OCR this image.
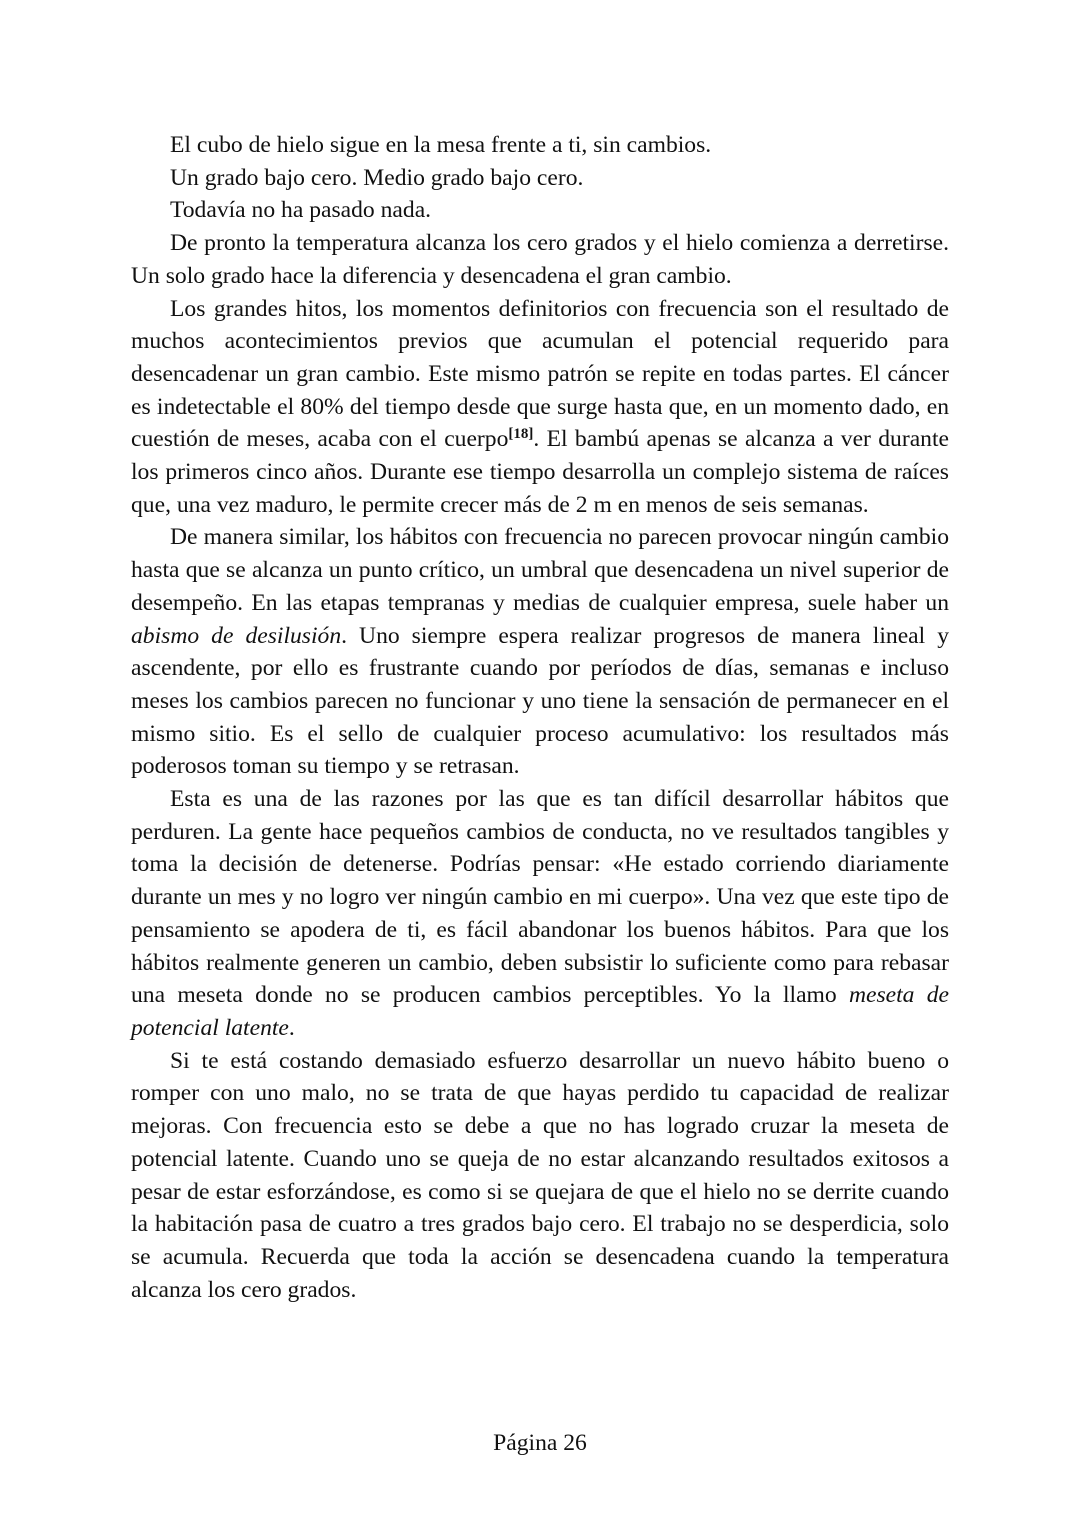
El cubo de hielo sigue en la mesa frente a ti, sin cambios.

Un grado bajo cero. Medio grado bajo cero.

Todavía no ha pasado nada.

De pronto la temperatura alcanza los cero grados y el hielo comienza a derretirse. Un solo grado hace la diferencia y desencadena el gran cambio.

Los grandes hitos, los momentos definitorios con frecuencia son el resultado de muchos acontecimientos previos que acumulan el potencial requerido para desencadenar un gran cambio. Este mismo patrón se repite en todas partes. El cáncer es indetectable el 80% del tiempo desde que surge hasta que, en un momento dado, en cuestión de meses, acaba con el cuerpo[18]. El bambú apenas se alcanza a ver durante los primeros cinco años. Durante ese tiempo desarrolla un complejo sistema de raíces que, una vez maduro, le permite crecer más de 2 m en menos de seis semanas.

De manera similar, los hábitos con frecuencia no parecen provocar ningún cambio hasta que se alcanza un punto crítico, un umbral que desencadena un nivel superior de desempeño. En las etapas tempranas y medias de cualquier empresa, suele haber un abismo de desilusión. Uno siempre espera realizar progresos de manera lineal y ascendente, por ello es frustrante cuando por períodos de días, semanas e incluso meses los cambios parecen no funcionar y uno tiene la sensación de permanecer en el mismo sitio. Es el sello de cualquier proceso acumulativo: los resultados más poderosos toman su tiempo y se retrasan.

Esta es una de las razones por las que es tan difícil desarrollar hábitos que perduren. La gente hace pequeños cambios de conducta, no ve resultados tangibles y toma la decisión de detenerse. Podrías pensar: «He estado corriendo diariamente durante un mes y no logro ver ningún cambio en mi cuerpo». Una vez que este tipo de pensamiento se apodera de ti, es fácil abandonar los buenos hábitos. Para que los hábitos realmente generen un cambio, deben subsistir lo suficiente como para rebasar una meseta donde no se producen cambios perceptibles. Yo la llamo meseta de potencial latente.

Si te está costando demasiado esfuerzo desarrollar un nuevo hábito bueno o romper con uno malo, no se trata de que hayas perdido tu capacidad de realizar mejoras. Con frecuencia esto se debe a que no has logrado cruzar la meseta de potencial latente. Cuando uno se queja de no estar alcanzando resultados exitosos a pesar de estar esforzándose, es como si se quejara de que el hielo no se derrite cuando la habitación pasa de cuatro a tres grados bajo cero. El trabajo no se desperdicia, solo se acumula. Recuerda que toda la acción se desencadena cuando la temperatura alcanza los cero grados.

Página 26
